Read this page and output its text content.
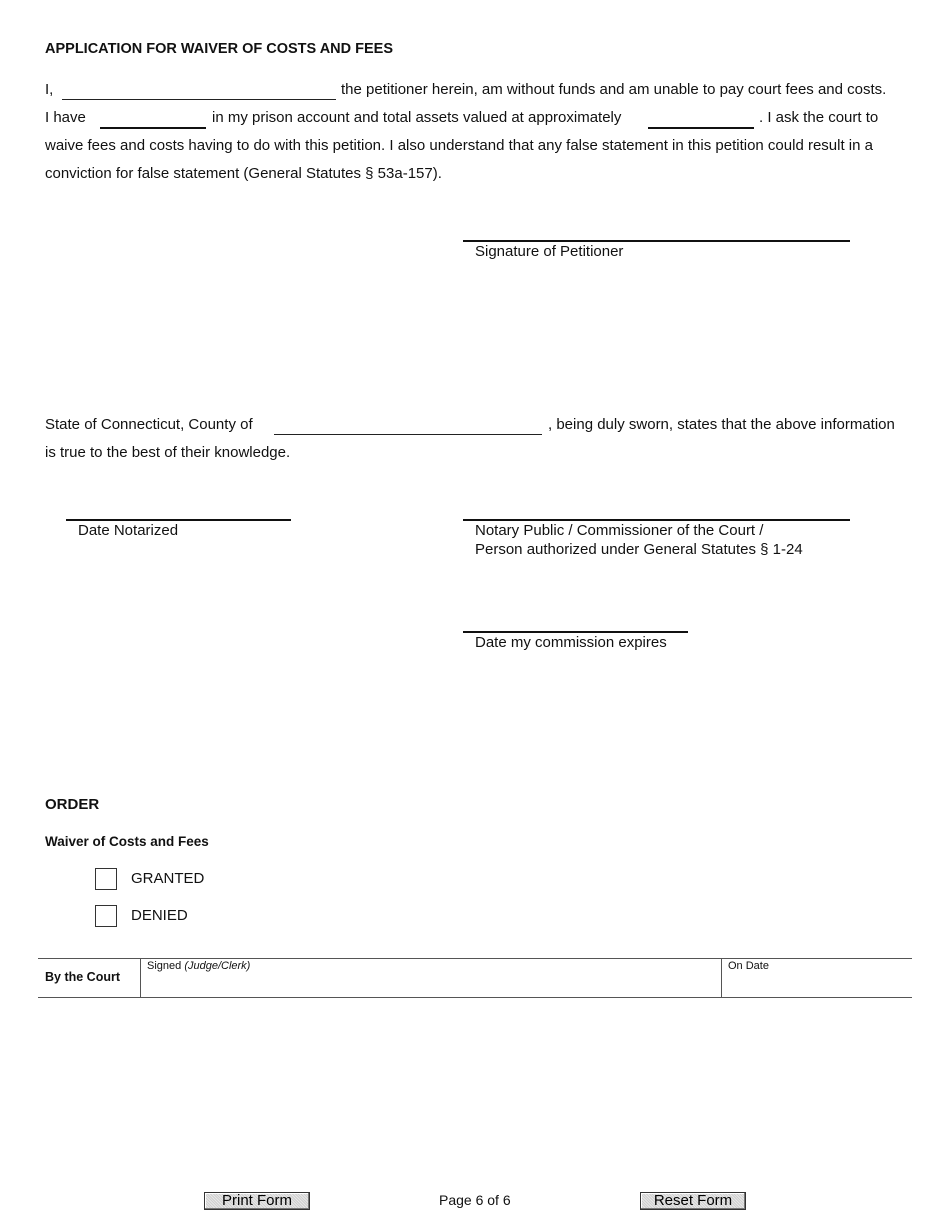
APPLICATION FOR WAIVER OF COSTS AND FEES
I,	the petitioner herein, am without funds and am unable to pay court fees and costs.
I have	in my prison account and total assets valued at approximately	. I ask the court to
waive fees and costs having to do with this petition. I also understand that any false statement in this petition could result in a
conviction for false statement (General Statutes § 53a-157).
Signature of Petitioner
State of Connecticut, County of	, being duly sworn, states that the above information
is true to the best of their knowledge.
Date Notarized	Notary Public / Commissioner of the Court /
Person authorized under General Statutes § 1-24
Date my commission expires
ORDER
Waiver of Costs and Fees
GRANTED
DENIED
By the Court
Signed (Judge/Clerk)	On Date
Print Form	Page 6 of 6	Reset Form
